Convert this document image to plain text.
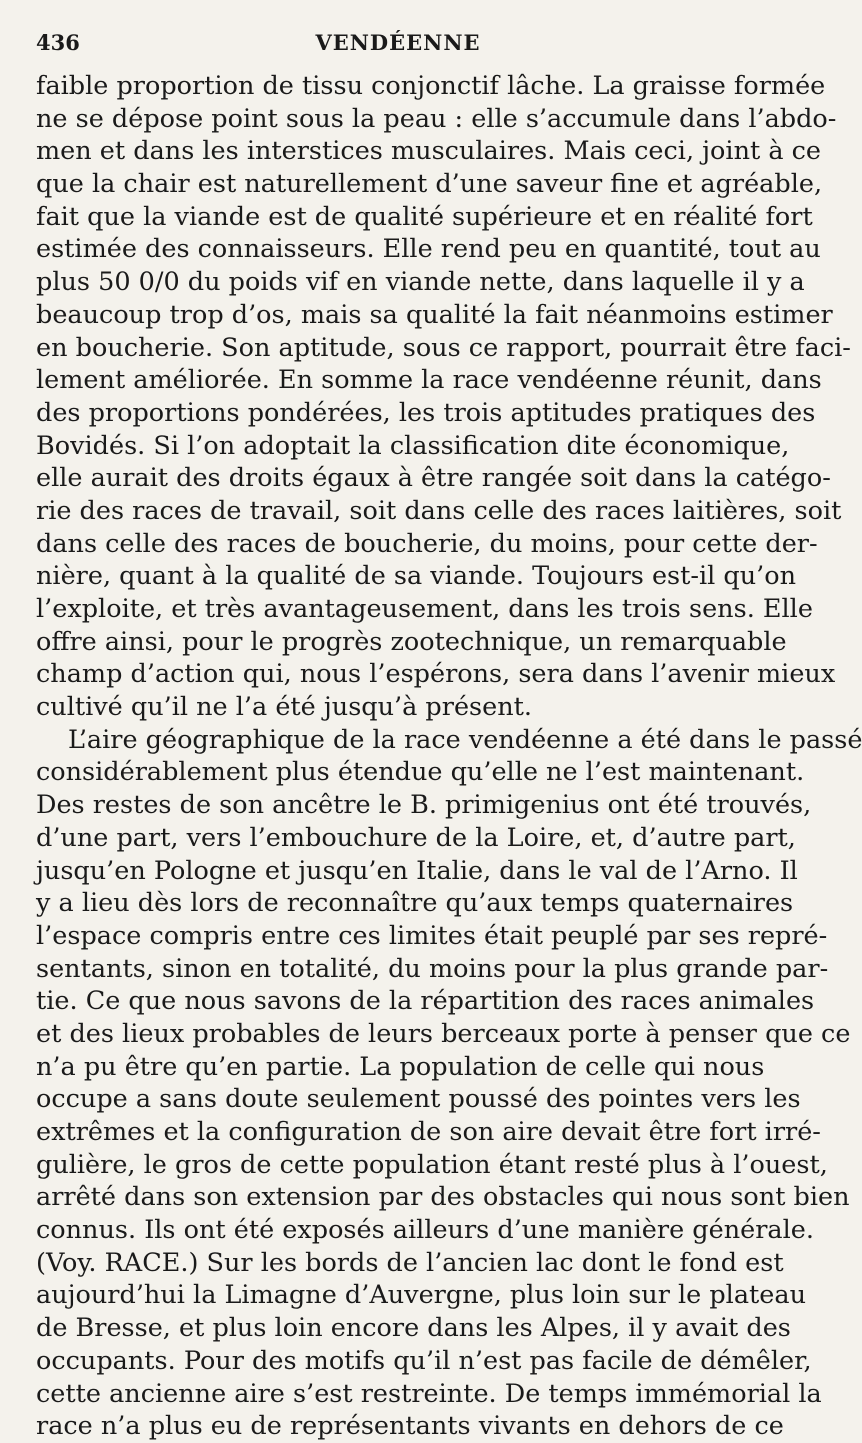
436	VENDÉENNE
faible proportion de tissu conjonctif lâche. La graisse formée
ne se dépose point sous la peau : elle s’accumule dans l’abdo-
men et dans les interstices musculaires. Mais ceci, joint à ce
que la chair est naturellement d’une saveur fine et agréable,
fait que la viande est de qualité supérieure et en réalité fort
estimée des connaisseurs. Elle rend peu en quantité, tout au
plus 50 0/0 du poids vif en viande nette, dans laquelle il y a
beaucoup trop d’os, mais sa qualité la fait néanmoins estimer
en boucherie. Son aptitude, sous ce rapport, pourrait être faci-
lement améliorée. En somme la race vendéenne réunit, dans
des proportions pondérées, les trois aptitudes pratiques des
Bovidés. Si l’on adoptait la classification dite économique,
elle aurait des droits égaux à être rangée soit dans la catégo-
rie des races de travail, soit dans celle des races laitières, soit
dans celle des races de boucherie, du moins, pour cette der-
nière, quant à la qualité de sa viande. Toujours est-il qu’on
l’exploite, et très avantageusement, dans les trois sens. Elle
offre ainsi, pour le progrès zootechnique, un remarquable
champ d’action qui, nous l’espérons, sera dans l’avenir mieux
cultivé qu’il ne l’a été jusqu’à présent.
L’aire géographique de la race vendéenne a été dans le passé
considérablement plus étendue qu’elle ne l’est maintenant.
Des restes de son ancêtre le B. primigenius ont été trouvés,
d’une part, vers l’embouchure de la Loire, et, d’autre part,
jusqu’en Pologne et jusqu’en Italie, dans le val de l’Arno. Il
y a lieu dès lors de reconnaître qu’aux temps quaternaires
l’espace compris entre ces limites était peuplé par ses repré-
sentants, sinon en totalité, du moins pour la plus grande par-
tie. Ce que nous savons de la répartition des races animales
et des lieux probables de leurs berceaux porte à penser que ce
n’a pu être qu’en partie. La population de celle qui nous
occupe a sans doute seulement poussé des pointes vers les
extrêmes et la configuration de son aire devait être fort irré-
gulière, le gros de cette population étant resté plus à l’ouest,
arrêté dans son extension par des obstacles qui nous sont bien
connus. Ils ont été exposés ailleurs d’une manière générale.
(Voy. RACE.) Sur les bords de l’ancien lac dont le fond est
aujourd’hui la Limagne d’Auvergne, plus loin sur le plateau
de Bresse, et plus loin encore dans les Alpes, il y avait des
occupants. Pour des motifs qu’il n’est pas facile de démêler,
cette ancienne aire s’est restreinte. De temps immémorial la
race n’a plus eu de représentants vivants en dehors de ce
